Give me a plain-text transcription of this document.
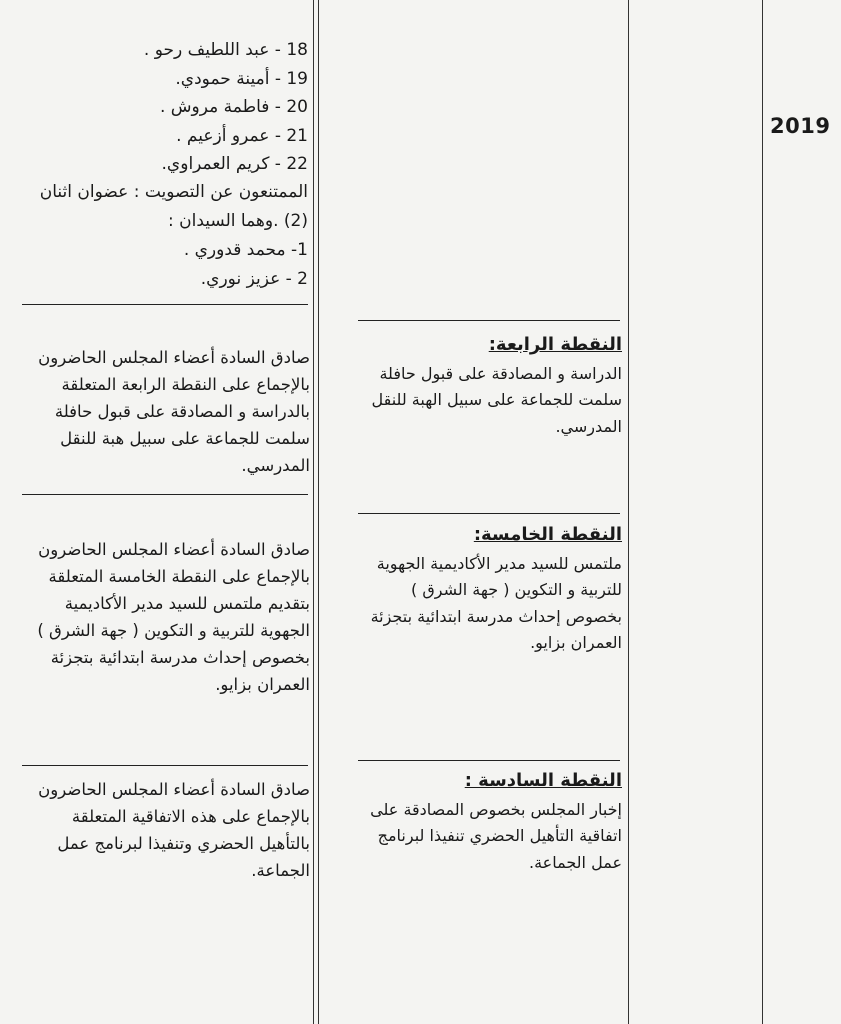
2019
18 - عبد اللطيف رحو .
19 - أمينة حمودي.
20 - فاطمة مروش .
21 - عمرو أزعيم .
22 - كريم العمراوي.
الممتنعون عن التصويت : عضوان اثنان (2) .وهما السيدان :
1- محمد قدوري .
2 - عزيز نوري.
النقطة الرابعة:
الدراسة و المصادقة على قبول حافلة سلمت للجماعة على سبيل الهبة للنقل المدرسي.
صادق السادة أعضاء المجلس الحاضرون بالإجماع على النقطة الرابعة المتعلقة بالدراسة و المصادقة على قبول حافلة سلمت للجماعة على سبيل هبة للنقل المدرسي.
النقطة الخامسة:
ملتمس للسيد مدير الأكاديمية الجهوية للتربية و التكوين ( جهة الشرق ) بخصوص إحداث مدرسة ابتدائية بتجزئة العمران بزايو.
صادق السادة أعضاء المجلس الحاضرون بالإجماع على النقطة الخامسة المتعلقة بتقديم ملتمس للسيد مدير الأكاديمية الجهوية للتربية و التكوين ( جهة الشرق ) بخصوص إحداث مدرسة ابتدائية بتجزئة العمران بزايو.
النقطة السادسة :
إخبار المجلس بخصوص المصادقة على اتفاقية التأهيل الحضري تنفيذا لبرنامج عمل الجماعة.
صادق السادة أعضاء المجلس الحاضرون بالإجماع على هذه الاتفاقية المتعلقة بالتأهيل الحضري وتنفيذا لبرنامج عمل الجماعة.
